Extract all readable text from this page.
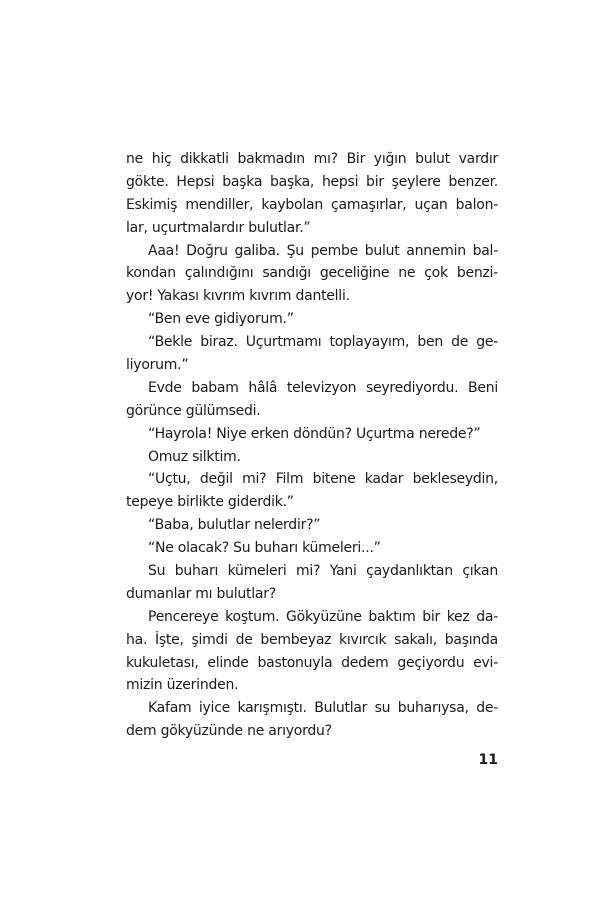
ne hiç dikkatli bakmadın mı? Bir yığın bulut vardır
gökte. Hepsi başka başka, hepsi bir şeylere benzer.
Eskimiş mendiller, kaybolan çamaşırlar, uçan balon-
lar, uçurtmalardır bulutlar.”
Aaa! Doğru galiba. Şu pembe bulut annemin bal-
kondan çalındığını sandığı geceliğine ne çok benzi-
yor! Yakası kıvrım kıvrım dantelli.
“Ben eve gidiyorum.”
“Bekle biraz. Uçurtmamı toplayayım, ben de ge-
liyorum.”
Evde babam hâlâ televizyon seyrediyordu. Beni
görünce gülümsedi.
“Hayrola! Niye erken döndün? Uçurtma nerede?”
Omuz silktim.
“Uçtu, değil mi? Film bitene kadar bekleseydin,
tepeye birlikte giderdik.”
“Baba, bulutlar nelerdir?”
“Ne olacak? Su buharı kümeleri...”
Su buharı kümeleri mi? Yani çaydanlıktan çıkan
dumanlar mı bulutlar?
Pencereye koştum. Gökyüzüne baktım bir kez da-
ha. İşte, şimdi de bembeyaz kıvırcık sakalı, başında
kukuletası, elinde bastonuyla dedem geçiyordu evi-
mizin üzerinden.
Kafam iyice karışmıştı. Bulutlar su buharıysa, de-
dem gökyüzünde ne arıyordu?
11
